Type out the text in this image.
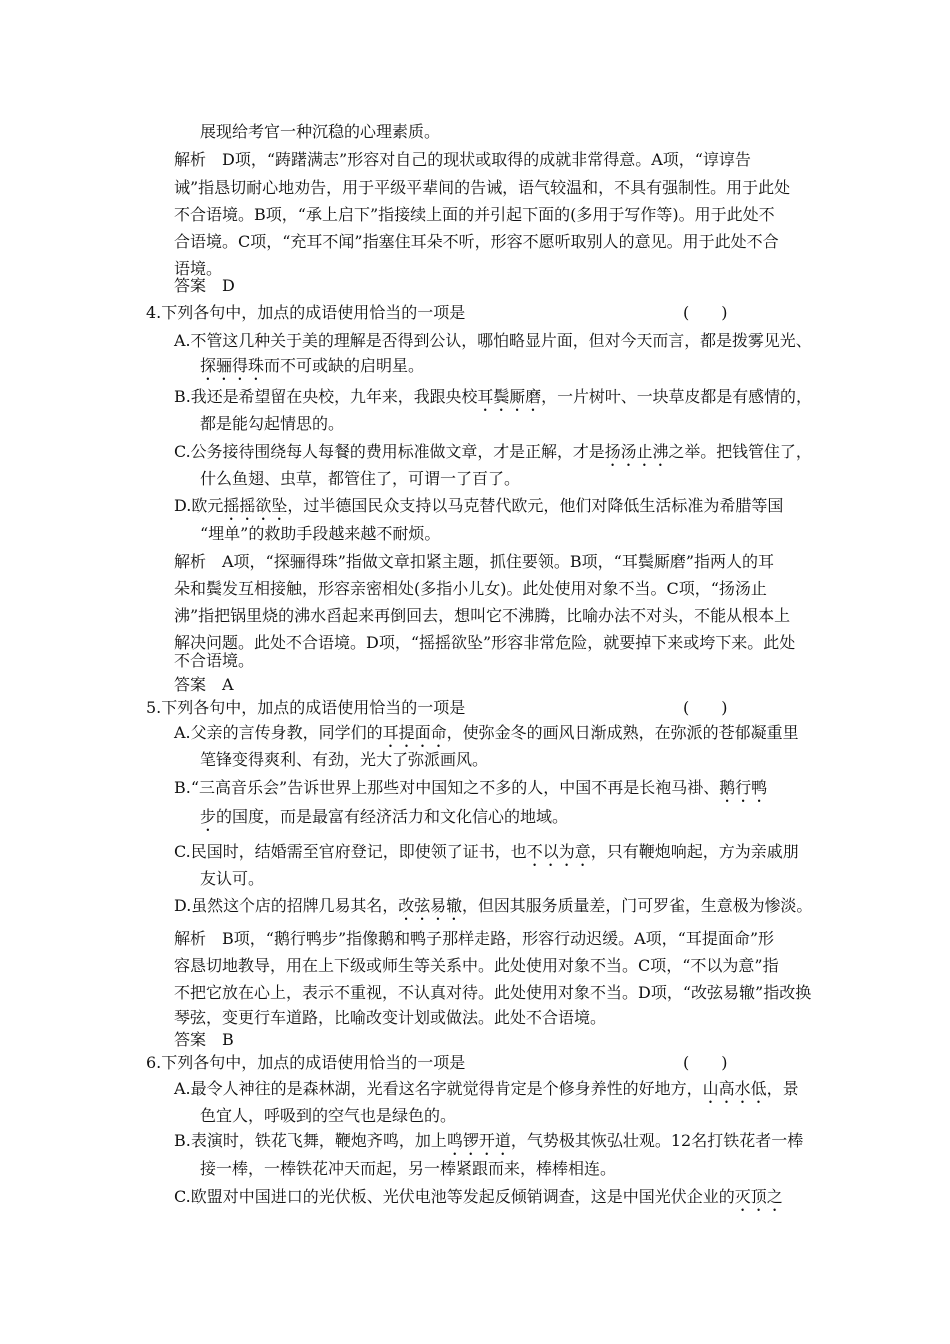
展现给考官一种沉稳的心理素质。
解析　D项，“踌躇满志”形容对自己的现状或取得的成就非常得意。A项，“谆谆告
诫”指恳切耐心地劝告，用于平级平辈间的告诫，语气较温和，不具有强制性。用于此处
不合语境。B项，“承上启下”指接续上面的并引起下面的(多用于写作等)。用于此处不
合语境。C项，“充耳不闻”指塞住耳朵不听，形容不愿听取别人的意见。用于此处不合
语境。
答案　D
4.下列各句中，加点的成语使用恰当的一项是	(　　)
A.不管这几种关于美的理解是否得到公认，哪怕略显片面，但对今天而言，都是拨雾见光、
探骊得珠而不可或缺的启明星。
B.我还是希望留在央校，九年来，我跟央校耳鬓厮磨，一片树叶、一块草皮都是有感情的，
都是能勾起情思的。
C.公务接待围绕每人每餐的费用标准做文章，才是正解，才是扬汤止沸之举。把钱管住了，
什么鱼翅、虫草，都管住了，可谓一了百了。
D.欧元摇摇欲坠，过半德国民众支持以马克替代欧元，他们对降低生活标准为希腊等国
“埋单”的救助手段越来越不耐烦。
解析　A项，“探骊得珠”指做文章扣紧主题，抓住要领。B项，“耳鬓厮磨”指两人的耳
朵和鬓发互相接触，形容亲密相处(多指小儿女)。此处使用对象不当。C项，“扬汤止
沸”指把锅里烧的沸水舀起来再倒回去，想叫它不沸腾，比喻办法不对头，不能从根本上
解决问题。此处不合语境。D项，“摇摇欲坠”形容非常危险，就要掉下来或垮下来。此处
不合语境。
答案　A
5.下列各句中，加点的成语使用恰当的一项是	(　　)
A.父亲的言传身教，同学们的耳提面命，使弥金冬的画风日渐成熟，在弥派的苍郁凝重里
笔锋变得爽利、有劲，光大了弥派画风。
B.“三高音乐会”告诉世界上那些对中国知之不多的人，中国不再是长袍马褂、鹅行鸭
步的国度，而是最富有经济活力和文化信心的地域。
C.民国时，结婚需至官府登记，即使领了证书，也不以为意，只有鞭炮响起，方为亲戚朋
友认可。
D.虽然这个店的招牌几易其名，改弦易辙，但因其服务质量差，门可罗雀，生意极为惨淡。
解析　B项，“鹅行鸭步”指像鹅和鸭子那样走路，形容行动迟缓。A项，“耳提面命”形
容恳切地教导，用在上下级或师生等关系中。此处使用对象不当。C项，“不以为意”指
不把它放在心上，表示不重视，不认真对待。此处使用对象不当。D项，“改弦易辙”指改换
琴弦，变更行车道路，比喻改变计划或做法。此处不合语境。
答案　B
6.下列各句中，加点的成语使用恰当的一项是	(　　)
A.最令人神往的是森林湖，光看这名字就觉得肯定是个修身养性的好地方，山高水低，景
色宜人，呼吸到的空气也是绿色的。
B.表演时，铁花飞舞，鞭炮齐鸣，加上鸣锣开道，气势极其恢弘壮观。12名打铁花者一棒
接一棒，一棒铁花冲天而起，另一棒紧跟而来，棒棒相连。
C.欧盟对中国进口的光伏板、光伏电池等发起反倾销调查，这是中国光伏企业的灭顶之
